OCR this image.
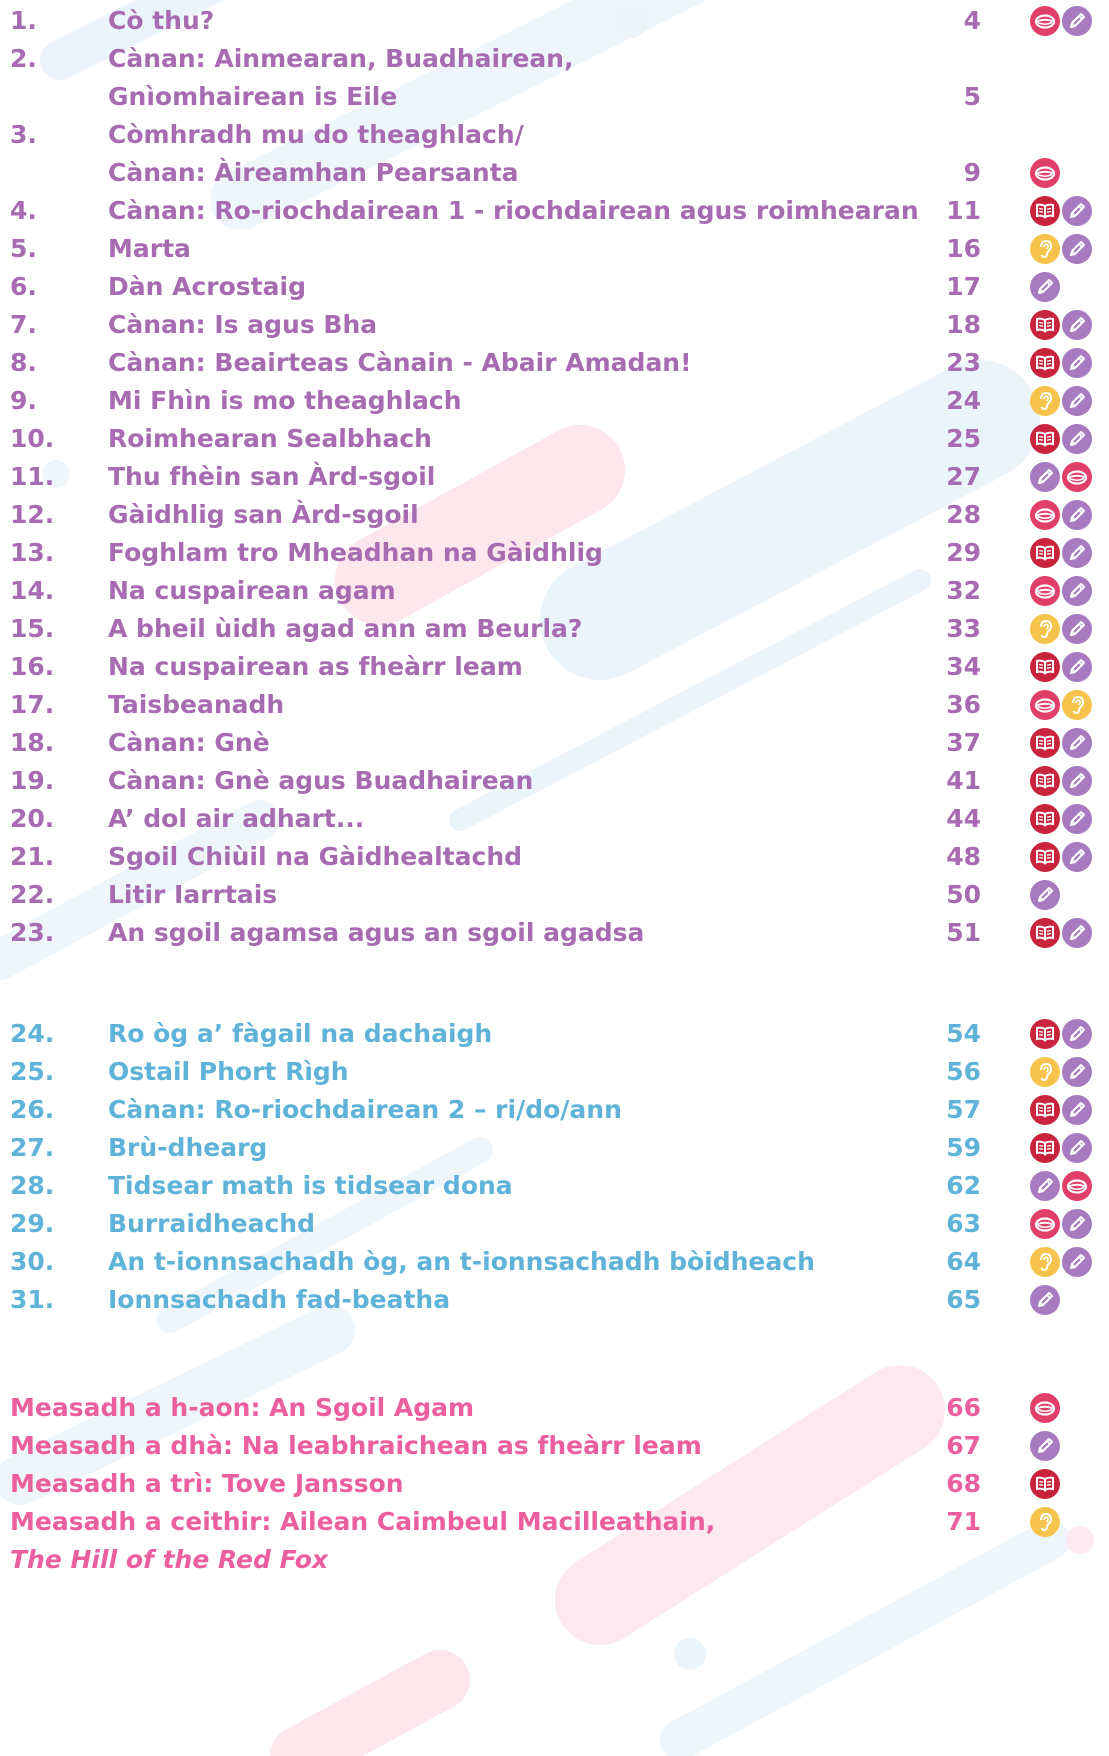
1.	Cò thu?	4
2.	Cànan: Ainmearan, Buadhairean,
Gnìomhairean is Eile	5
3.	Còmhradh mu do theaghlach/
Cànan: Àireamhan Pearsanta	9
4.	Cànan: Ro-riochdairean 1 - riochdairean agus roimhearan	11
5.	Marta	16
6.	Dàn Acrostaig	17
7.	Cànan: Is agus Bha	18
8.	Cànan: Beairteas Cànain - Abair Amadan!	23
9.	Mi Fhìn is mo theaghlach	24
10. Roimhearan Sealbhach	25
11. Thu fhèin san Àrd-sgoil	27
12. Gàidhlig san Àrd-sgoil	28
13. Foghlam tro Mheadhan na Gàidhlig	29
14. Na cuspairean agam	32
15. A bheil ùidh agad ann am Beurla?	33
16. Na cuspairean as fheàrr leam	34
17. Taisbeanadh	36
18. Cànan: Gnè	37
19. Cànan: Gnè agus Buadhairean	41
20. A’ dol air adhart...	44
21. Sgoil Chiùil na Gàidhealtachd	48
22. Litir Iarrtais	50
23. An sgoil agamsa agus an sgoil agadsa	51
24. Ro òg a’ fàgail na dachaigh	54
25. Ostail Phort Rìgh	56
26. Cànan: Ro-riochdairean 2 – ri/do/ann	57
27. Brù-dhearg	59
28. Tidsear math is tidsear dona	62
29. Burraidheachd	63
30. An t-ionnsachadh òg, an t-ionnsachadh bòidheach	64
31. Ionnsachadh fad-beatha	65
Measadh a h-aon: An Sgoil Agam	66
Measadh a dhà: Na leabhraichean as fheàrr leam	67
Measadh a trì: Tove Jansson	68
Measadh a ceithir: Ailean Caimbeul Macilleathain,
The Hill of the Red Fox
71
